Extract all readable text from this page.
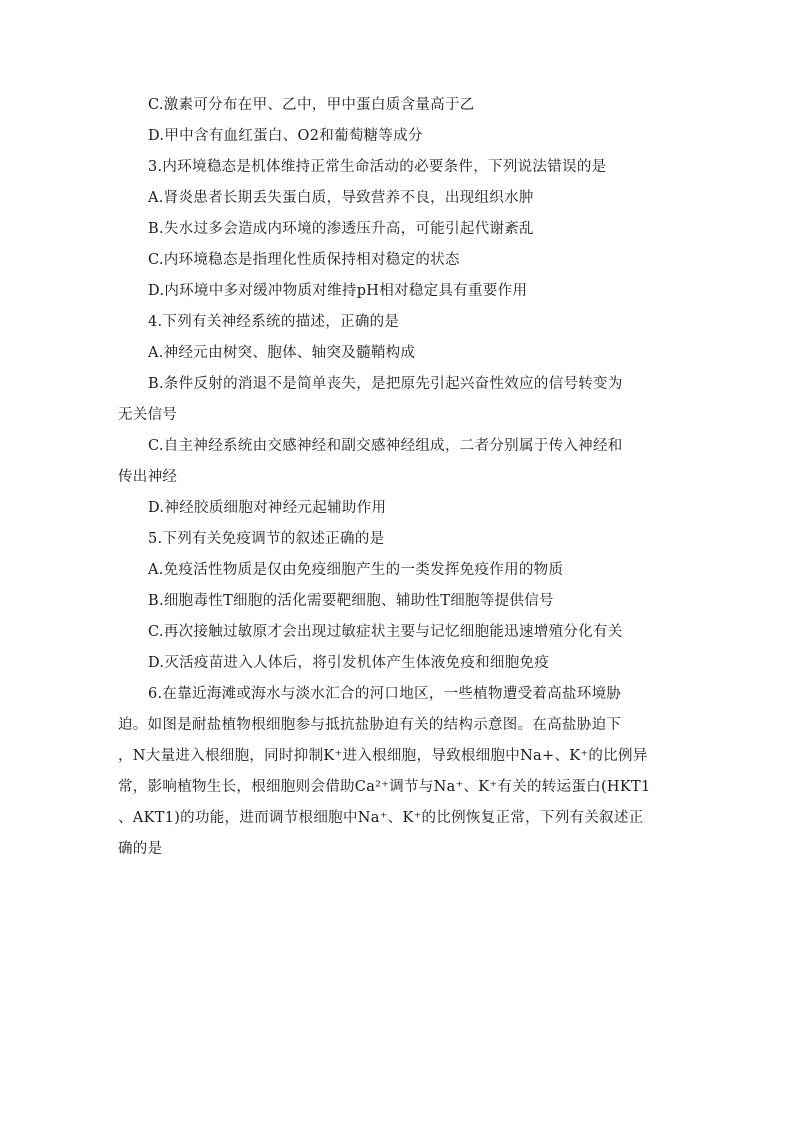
C.激素可分布在甲、乙中，甲中蛋白质含量高于乙
D.甲中含有血红蛋白、O2和葡萄糖等成分
3.内环境稳态是机体维持正常生命活动的必要条件，下列说法错误的是
A.肾炎患者长期丢失蛋白质，导致营养不良，出现组织水肿
B.失水过多会造成内环境的渗透压升高，可能引起代谢紊乱
C.内环境稳态是指理化性质保持相对稳定的状态
D.内环境中多对缓冲物质对维持pH相对稳定具有重要作用
4.下列有关神经系统的描述，正确的是
A.神经元由树突、胞体、轴突及髓鞘构成
B.条件反射的消退不是简单丧失，是把原先引起兴奋性效应的信号转变为
无关信号
C.自主神经系统由交感神经和副交感神经组成，二者分别属于传入神经和
传出神经
D.神经胶质细胞对神经元起辅助作用
5.下列有关免疫调节的叙述正确的是
A.免疫活性物质是仅由免疫细胞产生的一类发挥免疫作用的物质
B.细胞毒性T细胞的活化需要靶细胞、辅助性T细胞等提供信号
C.再次接触过敏原才会出现过敏症状主要与记忆细胞能迅速增殖分化有关
D.灭活疫苗进入人体后，将引发机体产生体液免疫和细胞免疫
6.在靠近海滩或海水与淡水汇合的河口地区，一些植物遭受着高盐环境胁
迫。如图是耐盐植物根细胞参与抵抗盐胁迫有关的结构示意图。在高盐胁迫下
，N大量进入根细胞，同时抑制K⁺进入根细胞，导致根细胞中Na+、K⁺的比例异
常，影响植物生长，根细胞则会借助Ca²⁺调节与Na⁺、K⁺有关的转运蛋白(HKT1
、AKT1)的功能，进而调节根细胞中Na⁺、K⁺的比例恢复正常，下列有关叙述正
确的是
